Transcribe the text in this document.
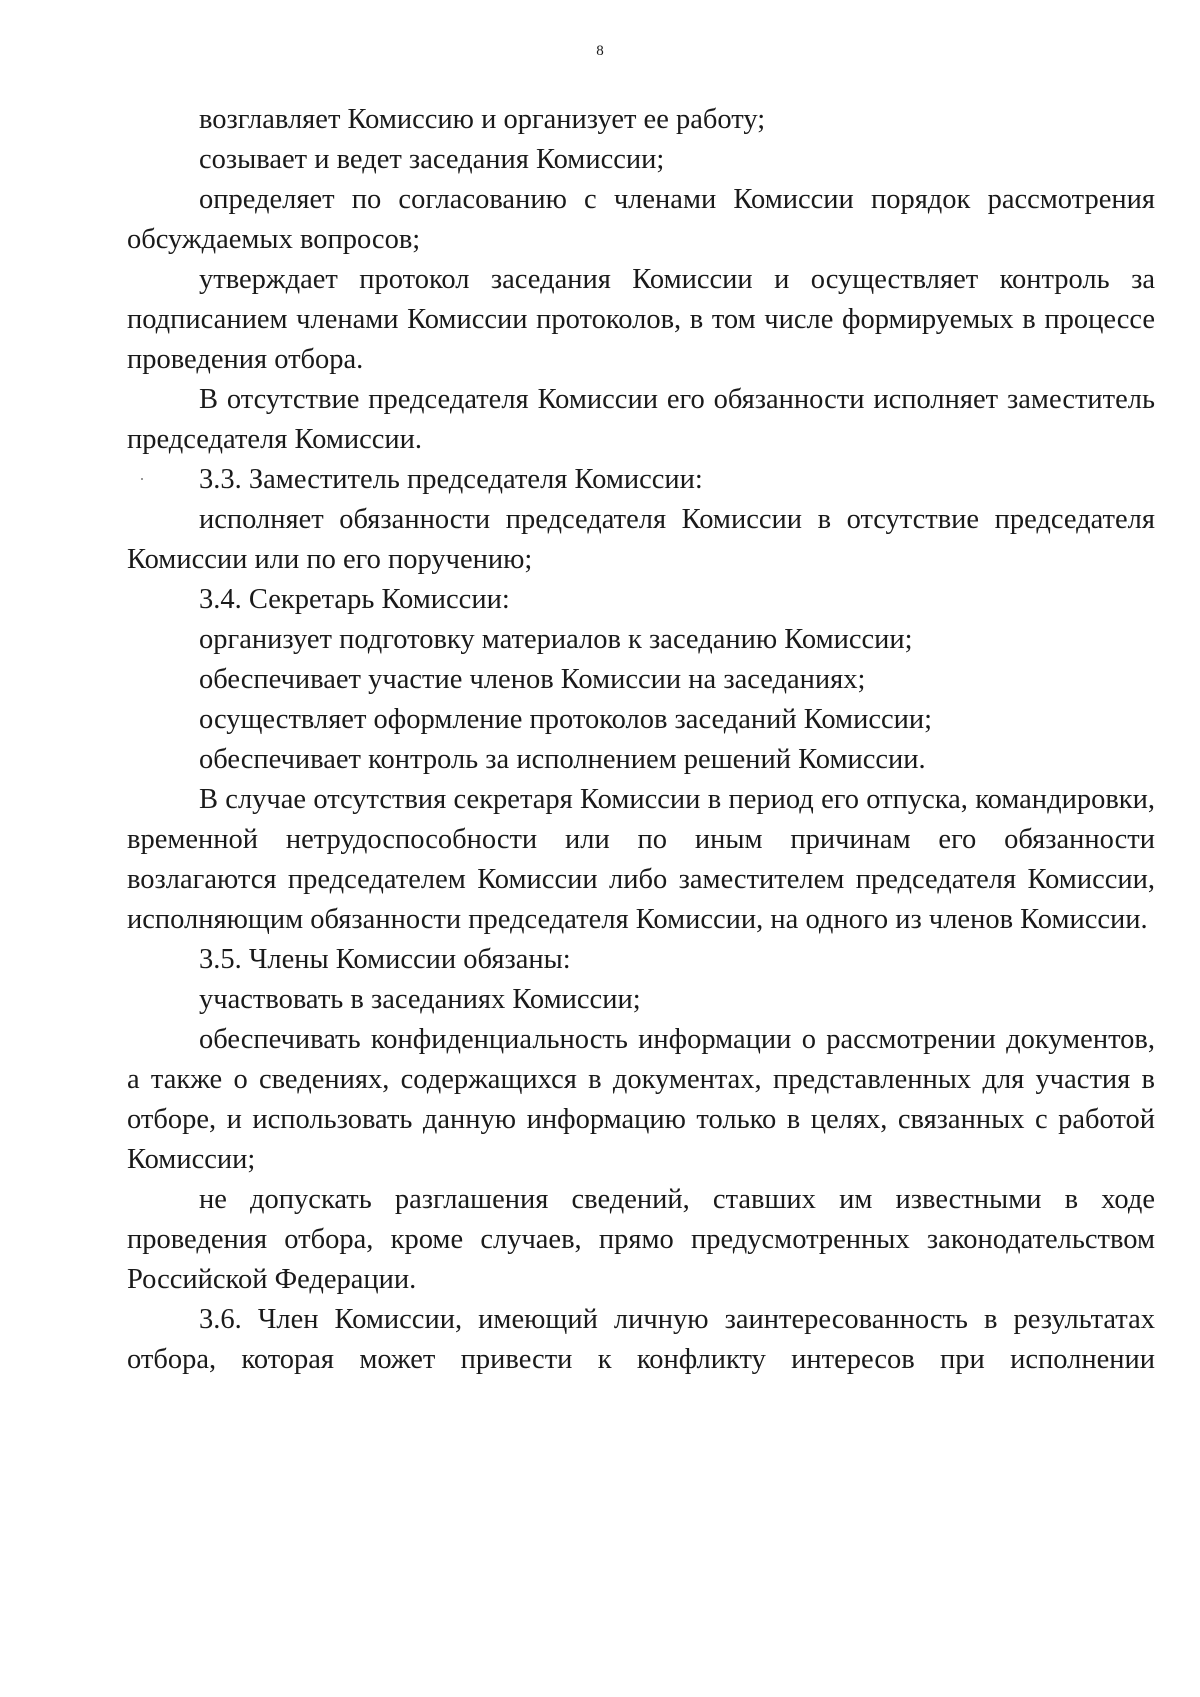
8

возглавляет Комиссию и организует ее работу;

созывает и ведет заседания Комиссии;

определяет по согласованию с членами Комиссии порядок рассмотрения обсуждаемых вопросов;

утверждает протокол заседания Комиссии и осуществляет контроль за подписанием членами Комиссии протоколов, в том числе формируемых в процессе проведения отбора.

В отсутствие председателя Комиссии его обязанности исполняет заместитель председателя Комиссии.

3.3. Заместитель председателя Комиссии:

исполняет обязанности председателя Комиссии в отсутствие председателя Комиссии или по его поручению;

3.4. Секретарь Комиссии:

организует подготовку материалов к заседанию Комиссии;

обеспечивает участие членов Комиссии на заседаниях;

осуществляет оформление протоколов заседаний Комиссии;

обеспечивает контроль за исполнением решений Комиссии.

В случае отсутствия секретаря Комиссии в период его отпуска, командировки, временной нетрудоспособности или по иным причинам его обязанности возлагаются председателем Комиссии либо заместителем председателя Комиссии, исполняющим обязанности председателя Комиссии, на одного из членов Комиссии.

3.5. Члены Комиссии обязаны:

участвовать в заседаниях Комиссии;

обеспечивать конфиденциальность информации о рассмотрении документов, а также о сведениях, содержащихся в документах, представленных для участия в отборе, и использовать данную информацию только в целях, связанных с работой Комиссии;

не допускать разглашения сведений, ставших им известными в ходе проведения отбора, кроме случаев, прямо предусмотренных законодательством Российской Федерации.

3.6. Член Комиссии, имеющий личную заинтересованность в результатах отбора, которая может привести к конфликту интересов при исполнении
